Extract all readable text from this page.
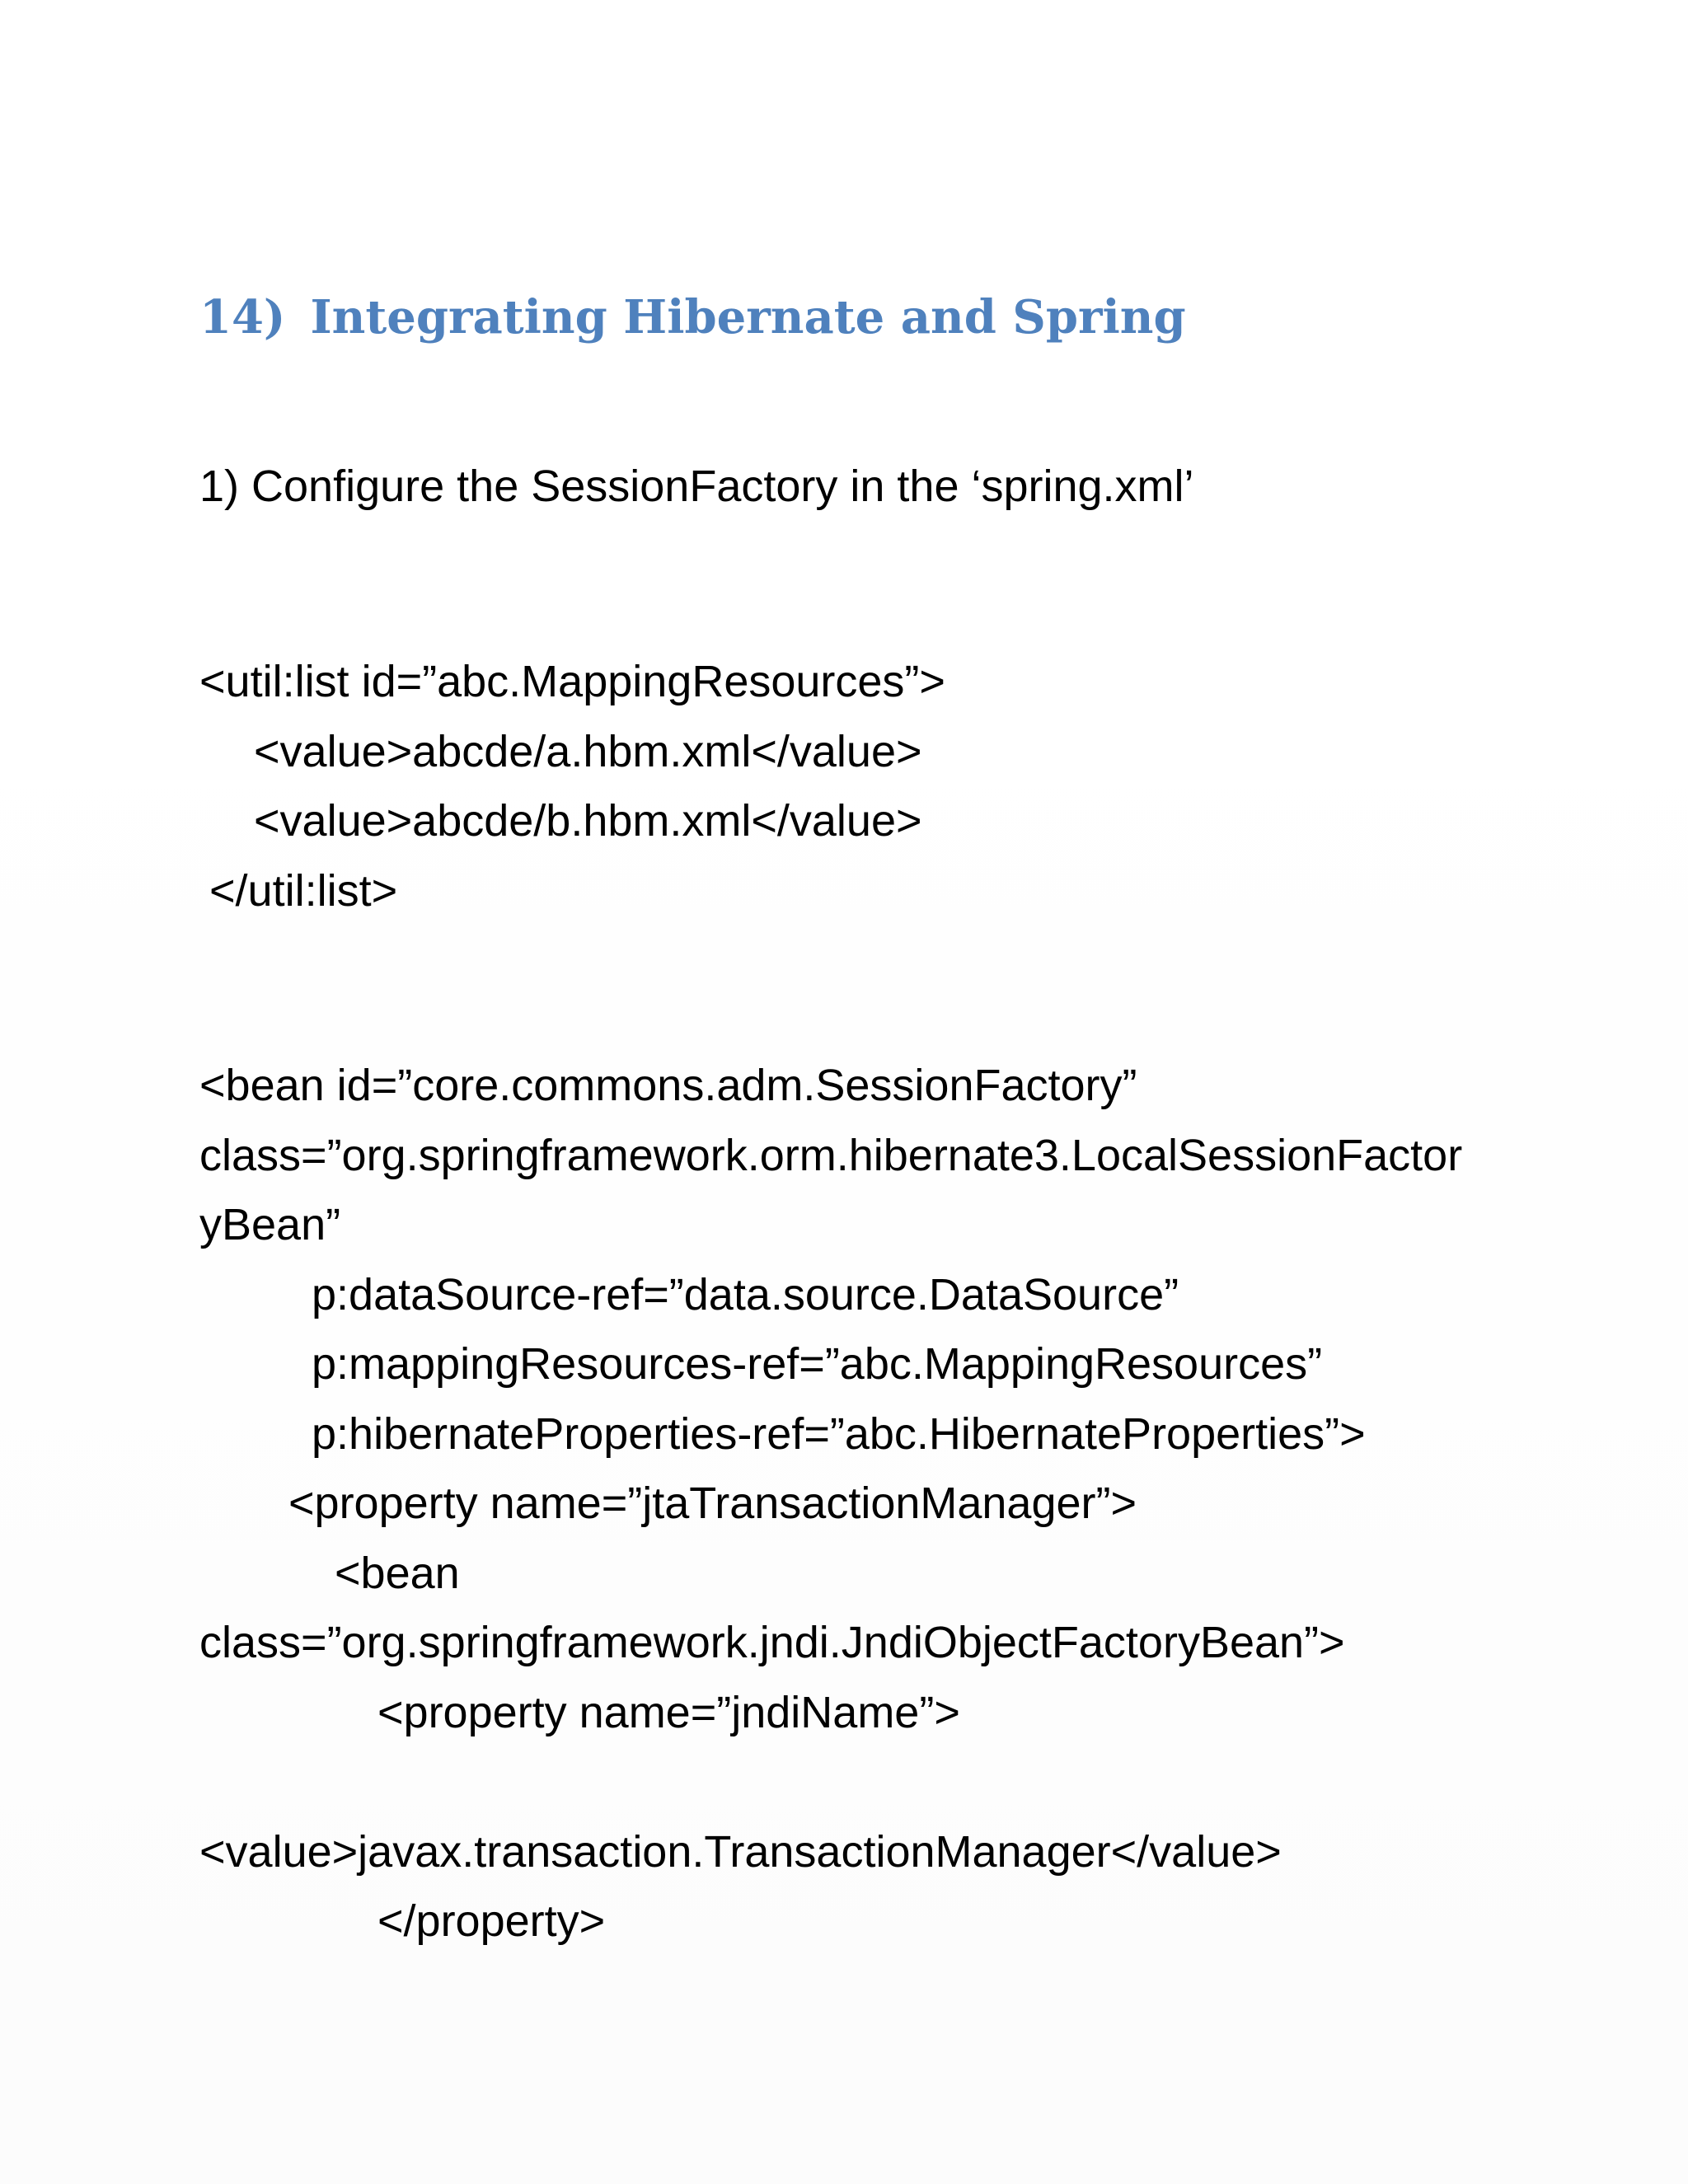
14) Integrating Hibernate and Spring

1) Configure the SessionFactory in the ‘spring.xml’

<util:list id=”abc.MappingResources”>

<value>abcde/a.hbm.xml</value>

<value>abcde/b.hbm.xml</value>

</util:list>

<bean id=”core.commons.adm.SessionFactory”

class=”org.springframework.orm.hibernate3.LocalSessionFactor

yBean”

p:dataSource-ref=”data.source.DataSource”

p:mappingResources-ref=”abc.MappingResources”

p:hibernateProperties-ref=”abc.HibernateProperties”>

<property name=”jtaTransactionManager”>

<bean

class=”org.springframework.jndi.JndiObjectFactoryBean”>

<property name=”jndiName”>

<value>javax.transaction.TransactionManager</value>

</property>
